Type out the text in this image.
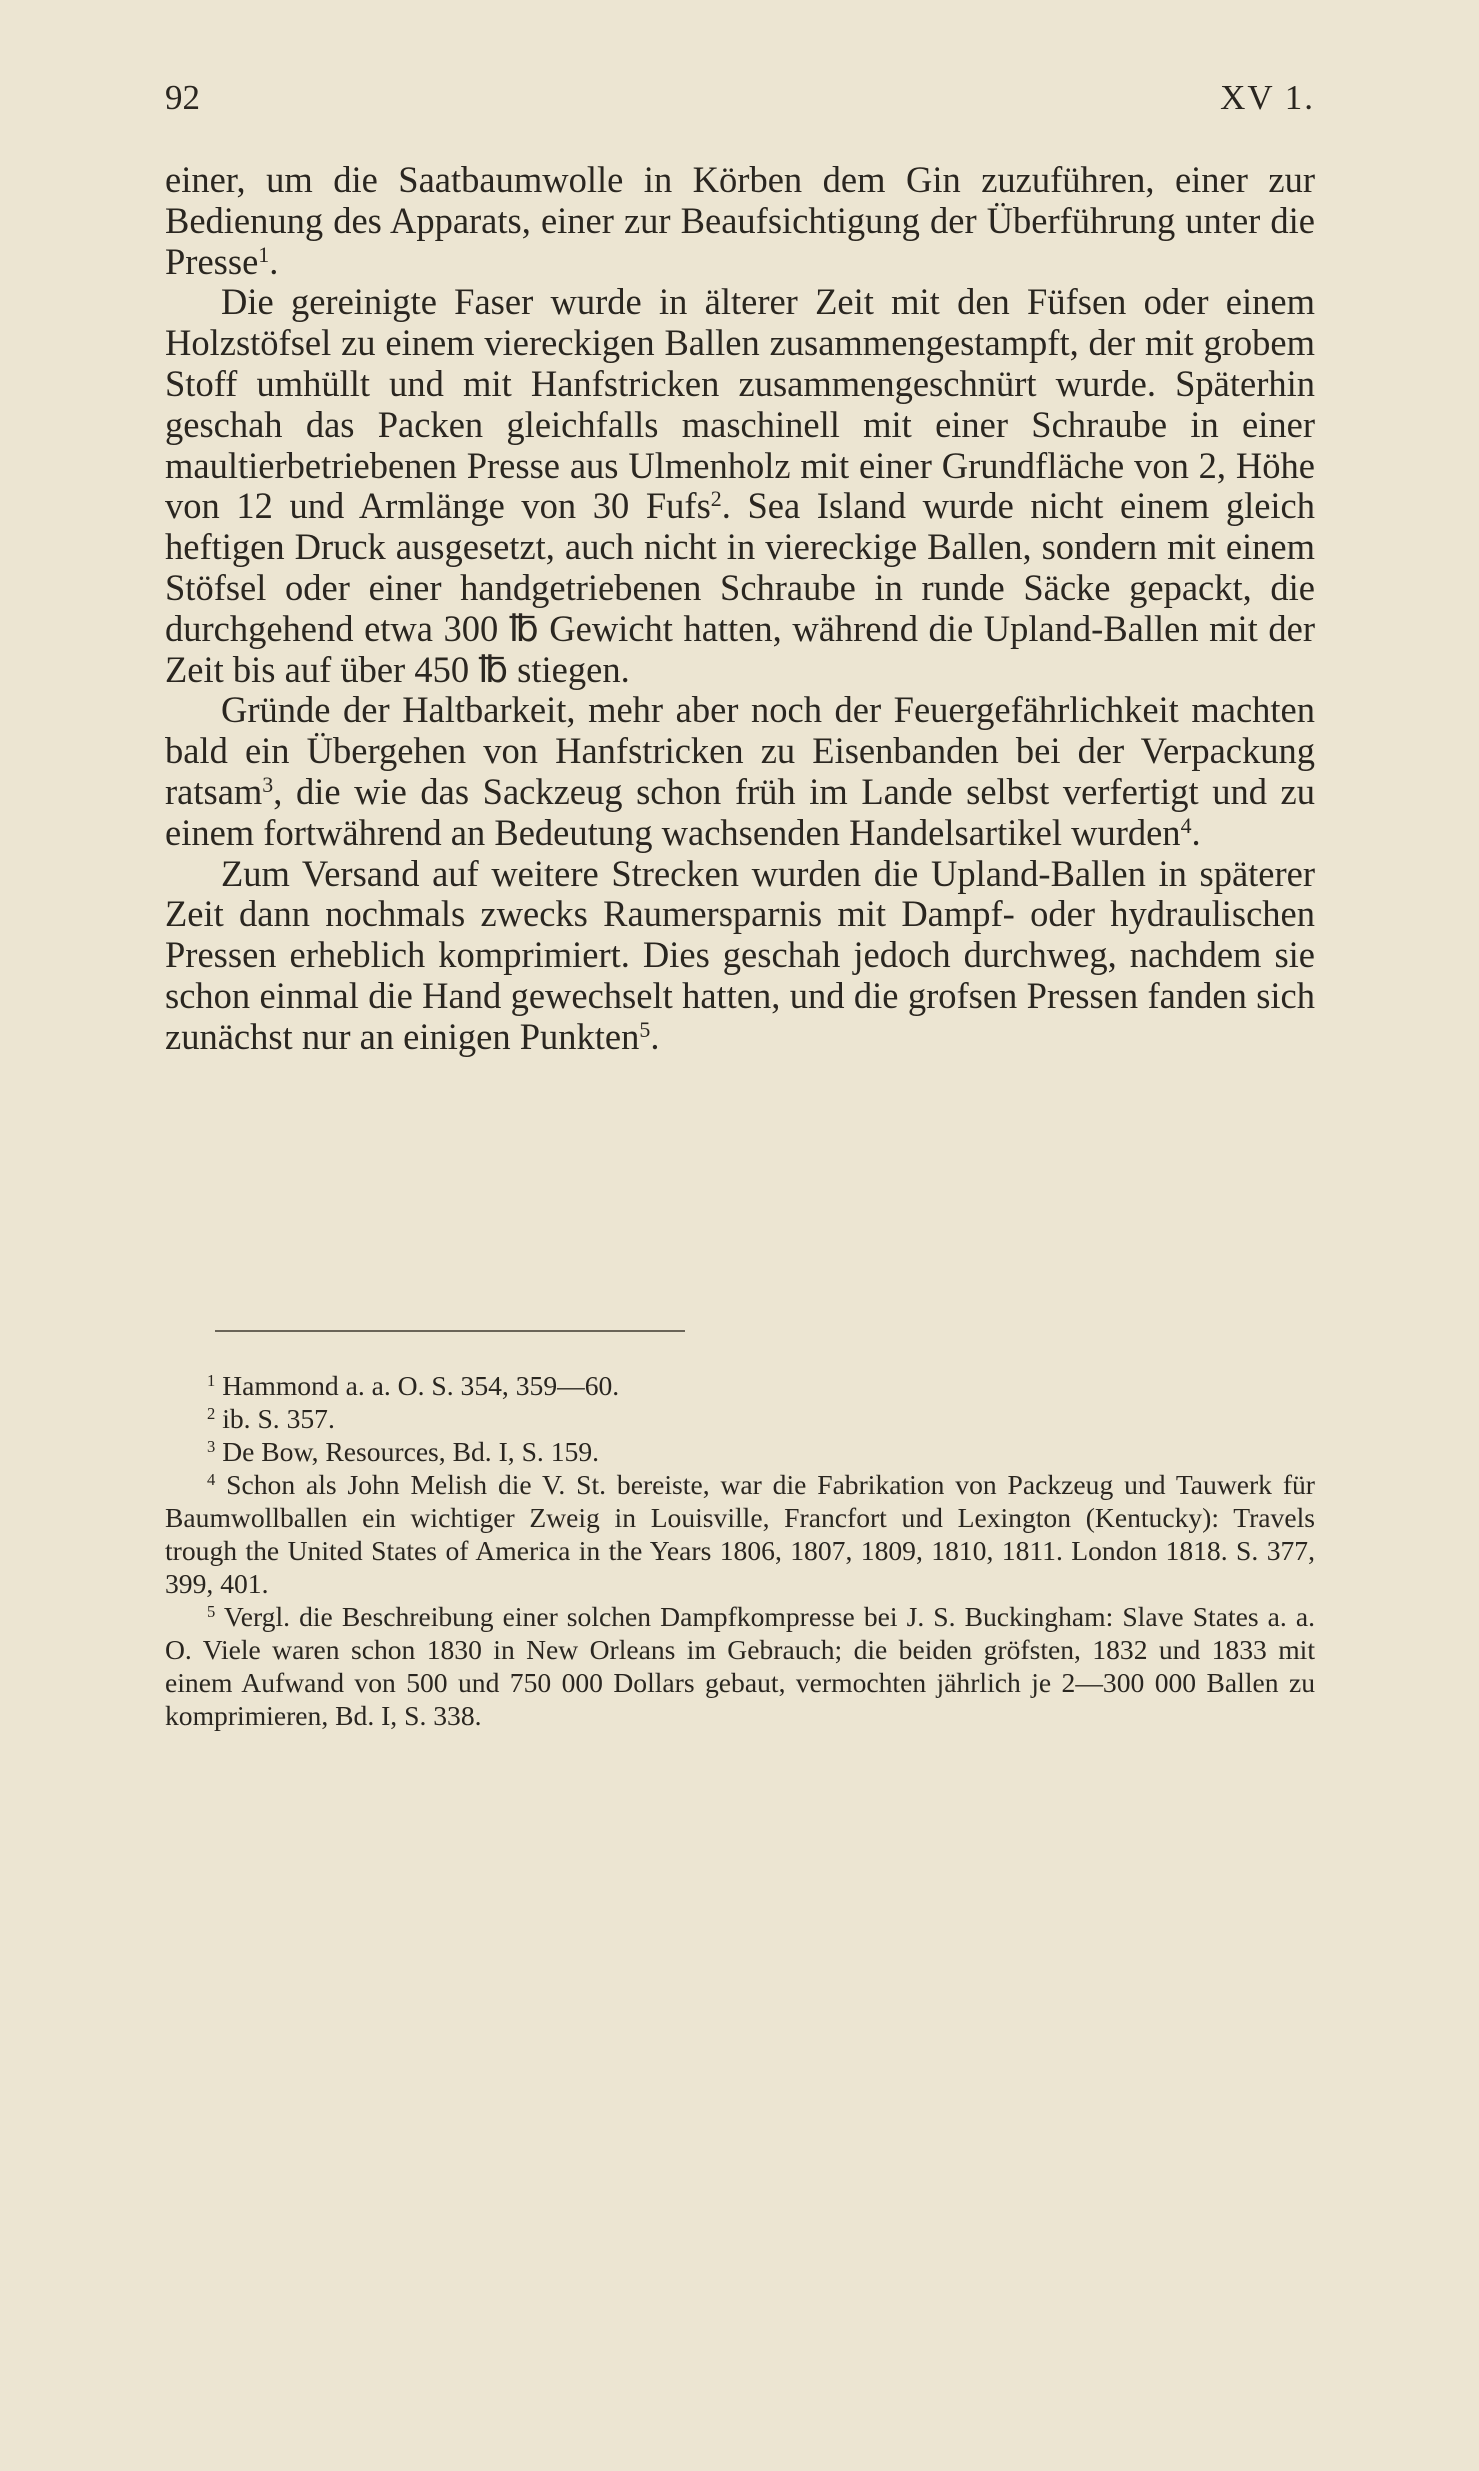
92	XV 1.

einer, um die Saatbaumwolle in Körben dem Gin zuzuführen, einer zur Bedienung des Apparats, einer zur Beaufsichtigung der Überführung unter die Presse$^1$.

Die gereinigte Faser wurde in älterer Zeit mit den Füfsen oder einem Holzstöfsel zu einem viereckigen Ballen zusammengestampft, der mit grobem Stoff umhüllt und mit Hanfstricken zusammengeschnürt wurde. Späterhin geschah das Packen gleichfalls maschinell mit einer Schraube in einer maultierbetriebenen Presse aus Ulmenholz mit einer Grundfläche von 2, Höhe von 12 und Armlänge von 30 Fufs$^2$. Sea Island wurde nicht einem gleich heftigen Druck ausgesetzt, auch nicht in viereckige Ballen, sondern mit einem Stöfsel oder einer handgetriebenen Schraube in runde Säcke gepackt, die durchgehend etwa 300 ℔ Gewicht hatten, während die Upland-Ballen mit der Zeit bis auf über 450 ℔ stiegen.

Gründe der Haltbarkeit, mehr aber noch der Feuergefährlichkeit machten bald ein Übergehen von Hanfstricken zu Eisenbanden bei der Verpackung ratsam$^3$, die wie das Sackzeug schon früh im Lande selbst verfertigt und zu einem fortwährend an Bedeutung wachsenden Handelsartikel wurden$^4$.

Zum Versand auf weitere Strecken wurden die Upland-Ballen in späterer Zeit dann nochmals zwecks Raumersparnis mit Dampf- oder hydraulischen Pressen erheblich komprimiert. Dies geschah jedoch durchweg, nachdem sie schon einmal die Hand gewechselt hatten, und die grofsen Pressen fanden sich zunächst nur an einigen Punkten$^5$.

$^1$ Hammond a. a. O. S. 354, 359—60.

$^2$ ib. S. 357.

$^3$ De Bow, Resources, Bd. I, S. 159.

$^4$ Schon als John Melish die V. St. bereiste, war die Fabrikation von Packzeug und Tauwerk für Baumwollballen ein wichtiger Zweig in Louisville, Francfort und Lexington (Kentucky): Travels trough the United States of America in the Years 1806, 1807, 1809, 1810, 1811. London 1818. S. 377, 399, 401.

$^5$ Vergl. die Beschreibung einer solchen Dampfkompresse bei J. S. Buckingham: Slave States a. a. O. Viele waren schon 1830 in New Orleans im Gebrauch; die beiden gröfsten, 1832 und 1833 mit einem Aufwand von 500 und 750 000 Dollars gebaut, vermochten jährlich je 2—300 000 Ballen zu komprimieren, Bd. I, S. 338.
